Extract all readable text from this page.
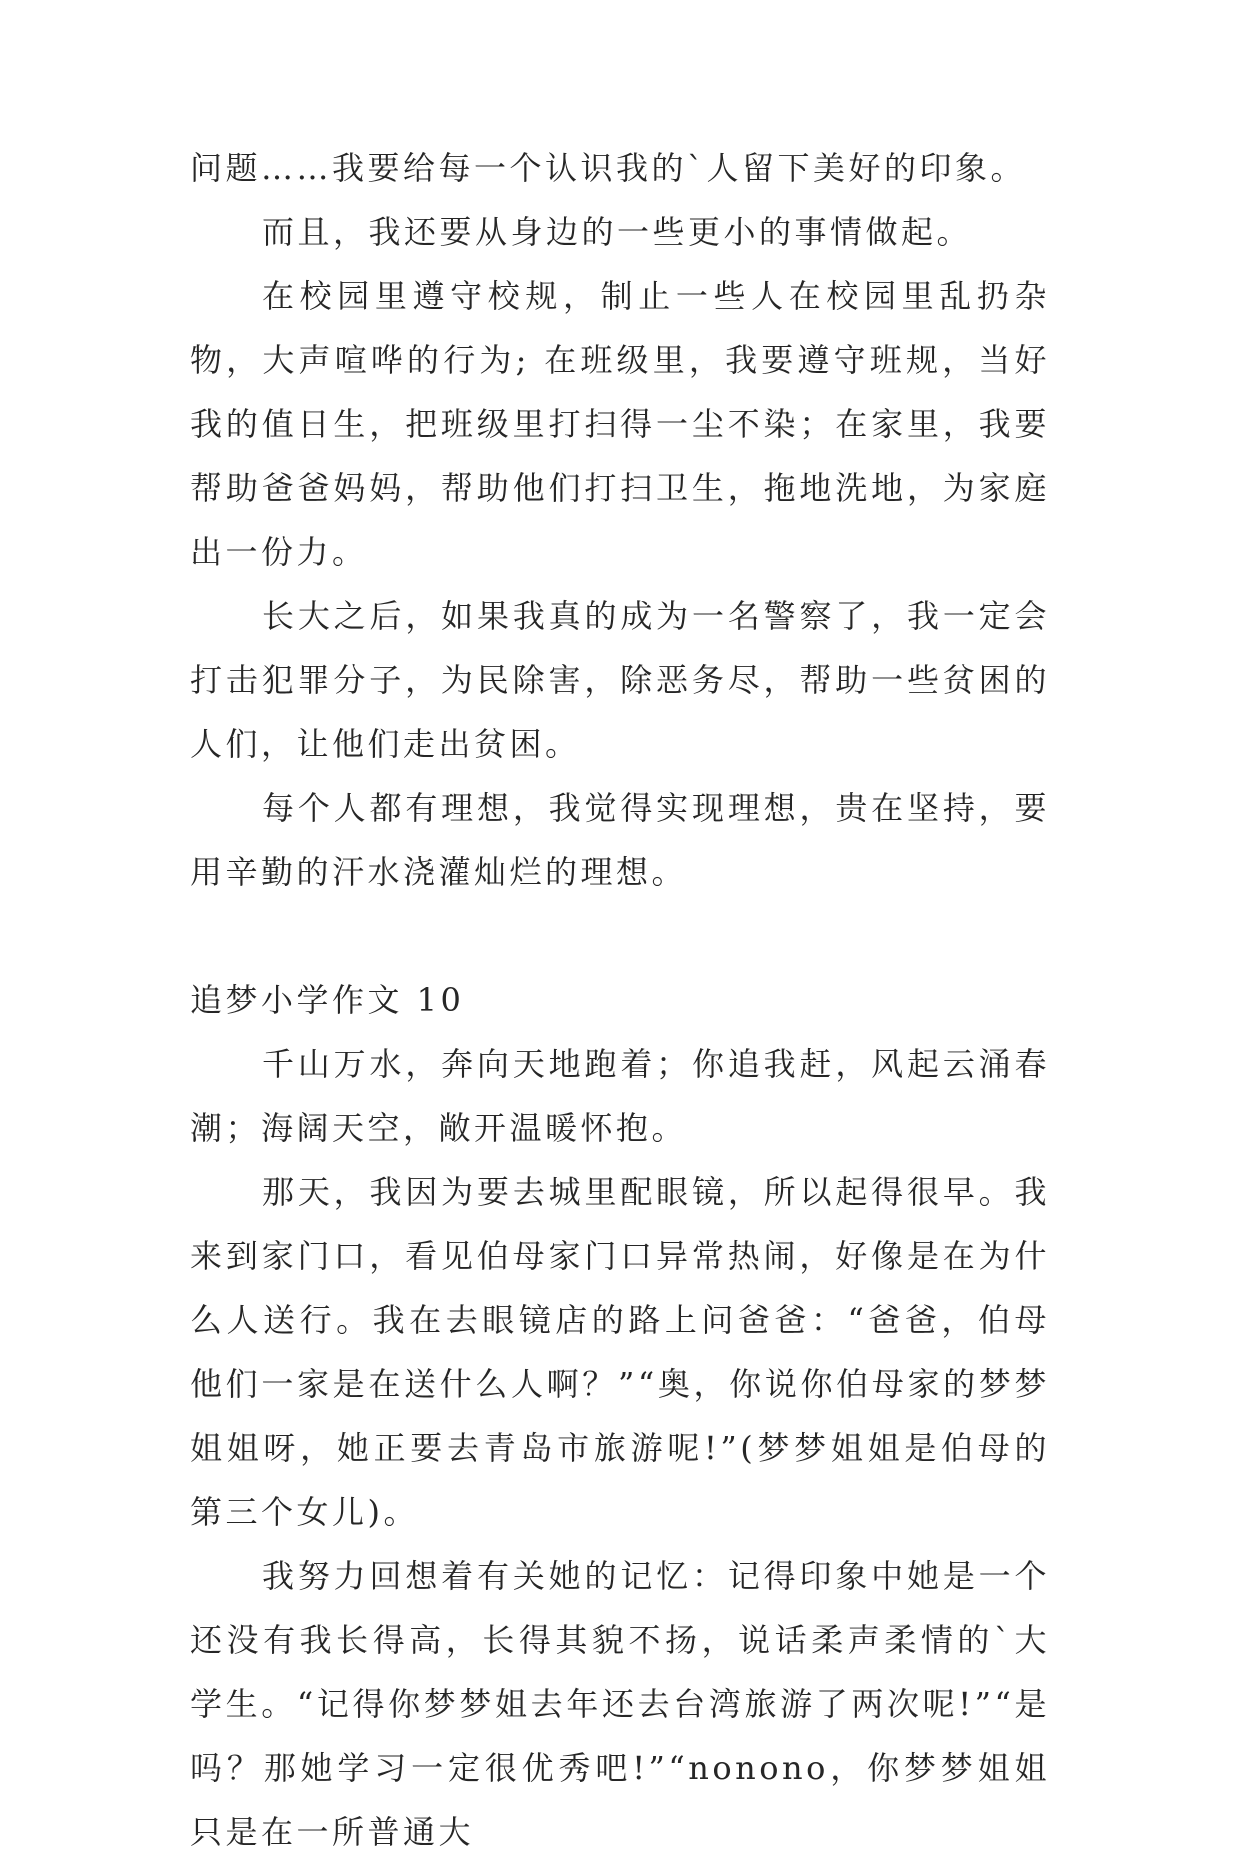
问题……我要给每一个认识我的`人留下美好的印象。

而且，我还要从身边的一些更小的事情做起。

在校园里遵守校规，制止一些人在校园里乱扔杂物，大声喧哗的行为; 在班级里，我要遵守班规，当好我的值日生，把班级里打扫得一尘不染；在家里，我要帮助爸爸妈妈，帮助他们打扫卫生，拖地洗地，为家庭出一份力。

长大之后，如果我真的成为一名警察了，我一定会打击犯罪分子，为民除害，除恶务尽，帮助一些贫困的人们，让他们走出贫困。

每个人都有理想，我觉得实现理想，贵在坚持，要用辛勤的汗水浇灌灿烂的理想。

追梦小学作文 10

千山万水，奔向天地跑着；你追我赶，风起云涌春潮；海阔天空，敞开温暖怀抱。

那天，我因为要去城里配眼镜，所以起得很早。我来到家门口，看见伯母家门口异常热闹，好像是在为什么人送行。我在去眼镜店的路上问爸爸：“爸爸，伯母他们一家是在送什么人啊？”“奥，你说你伯母家的梦梦姐姐呀，她正要去青岛市旅游呢!”(梦梦姐姐是伯母的第三个女儿)。

我努力回想着有关她的记忆：记得印象中她是一个还没有我长得高，长得其貌不扬，说话柔声柔情的`大学生。“记得你梦梦姐去年还去台湾旅游了两次呢!”“是吗？那她学习一定很优秀吧!”“nonono，你梦梦姐姐只是在一所普通大
